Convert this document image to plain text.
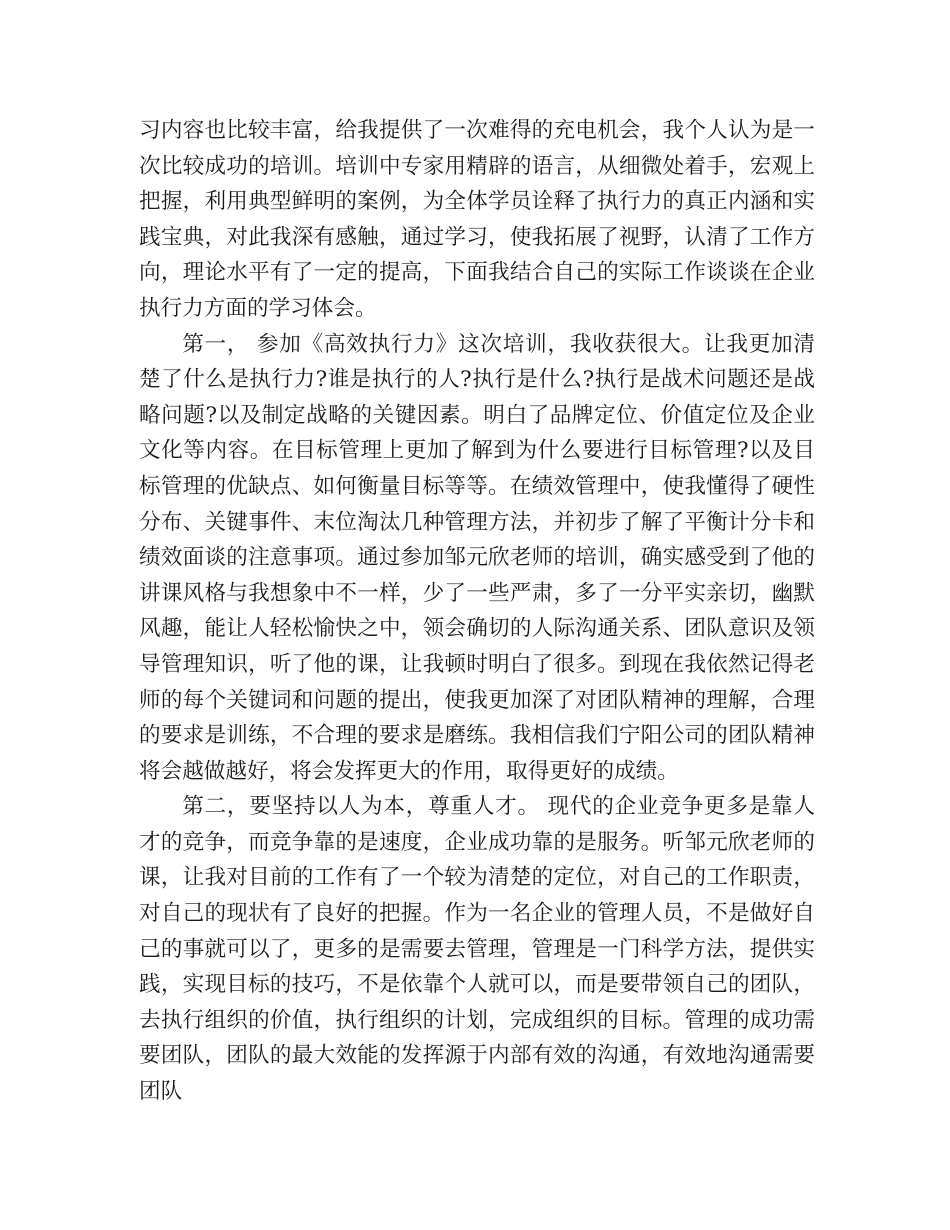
习内容也比较丰富，给我提供了一次难得的充电机会，我个人认为是一次比较成功的培训。培训中专家用精辟的语言，从细微处着手，宏观上把握，利用典型鲜明的案例，为全体学员诠释了执行力的真正内涵和实践宝典，对此我深有感触，通过学习，使我拓展了视野，认清了工作方向，理论水平有了一定的提高，下面我结合自己的实际工作谈谈在企业执行力方面的学习体会。

第一， 参加《高效执行力》这次培训，我收获很大。让我更加清楚了什么是执行力?谁是执行的人?执行是什么?执行是战术问题还是战略问题?以及制定战略的关键因素。明白了品牌定位、价值定位及企业文化等内容。在目标管理上更加了解到为什么要进行目标管理?以及目标管理的优缺点、如何衡量目标等等。在绩效管理中，使我懂得了硬性分布、关键事件、末位淘汰几种管理方法，并初步了解了平衡计分卡和绩效面谈的注意事项。通过参加邹元欣老师的培训，确实感受到了他的讲课风格与我想象中不一样，少了一些严肃，多了一分平实亲切，幽默风趣，能让人轻松愉快之中，领会确切的人际沟通关系、团队意识及领导管理知识，听了他的课，让我顿时明白了很多。到现在我依然记得老师的每个关键词和问题的提出，使我更加深了对团队精神的理解，合理的要求是训练，不合理的要求是磨练。我相信我们宁阳公司的团队精神将会越做越好，将会发挥更大的作用，取得更好的成绩。

第二，要坚持以人为本，尊重人才。 现代的企业竞争更多是靠人才的竞争，而竞争靠的是速度，企业成功靠的是服务。听邹元欣老师的课，让我对目前的工作有了一个较为清楚的定位，对自己的工作职责，对自己的现状有了良好的把握。作为一名企业的管理人员，不是做好自己的事就可以了，更多的是需要去管理，管理是一门科学方法，提供实践，实现目标的技巧，不是依靠个人就可以，而是要带领自己的团队，去执行组织的价值，执行组织的计划，完成组织的目标。管理的成功需要团队，团队的最大效能的发挥源于内部有效的沟通，有效地沟通需要团队
